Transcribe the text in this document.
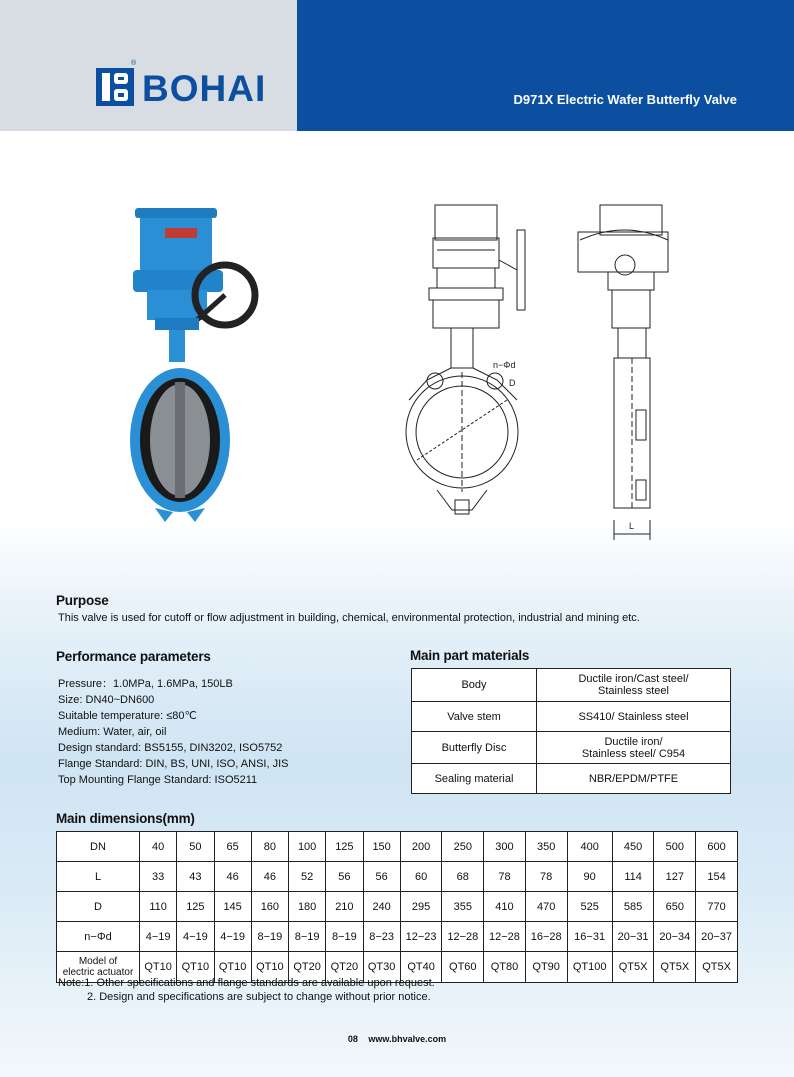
®
BOHAI	D971X Electric Wafer Butterfly Valve
n−Φd
D
L
Purpose
This valve is used for cutoff or flow adjustment in building, chemical, environmental protection, industrial and mining etc.
Performance parameters
Pressure：1.0MPa, 1.6MPa, 150LB
Size: DN40~DN600
Suitable temperature: ≤80℃
Medium: Water, air, oil
Design standard: BS5155, DIN3202, ISO5752
Flange Standard: DIN, BS, UNI, ISO, ANSI, JIS
Top Mounting Flange Standard: ISO5211
Main part materials
Body	Ductile iron/Cast steel/
Stainless steel
Valve stem	SS410/ Stainless steel
Butterfly Disc	Ductile iron/
Stainless steel/ C954
Sealing material	NBR/EPDM/PTFE
Main dimensions(mm)
DN	40	50	65	80	100	125	150	200	250	300	350	400	450	500	600
L	33	43	46	46	52	56	56	60	68	78	78	90	114	127	154
D	110	125	145	160	180	210	240	295	355	410	470	525	585	650	770
n−Φd	4−19	4−19	4−19	8−19	8−19	8−19	8−23	12−23	12−28	12−28	16−28	16−31	20−31	20−34	20−37
Model of
electric actuator	QT10	QT10	QT10	QT10	QT20	QT20	QT30	QT40	QT60	QT80	QT90	QT100	QT5X	QT5X	QT5X
Note:1. Other specifications and flange standards are available upon request.
2. Design and specifications are subject to change without prior notice.
08 www.bhvalve.com
